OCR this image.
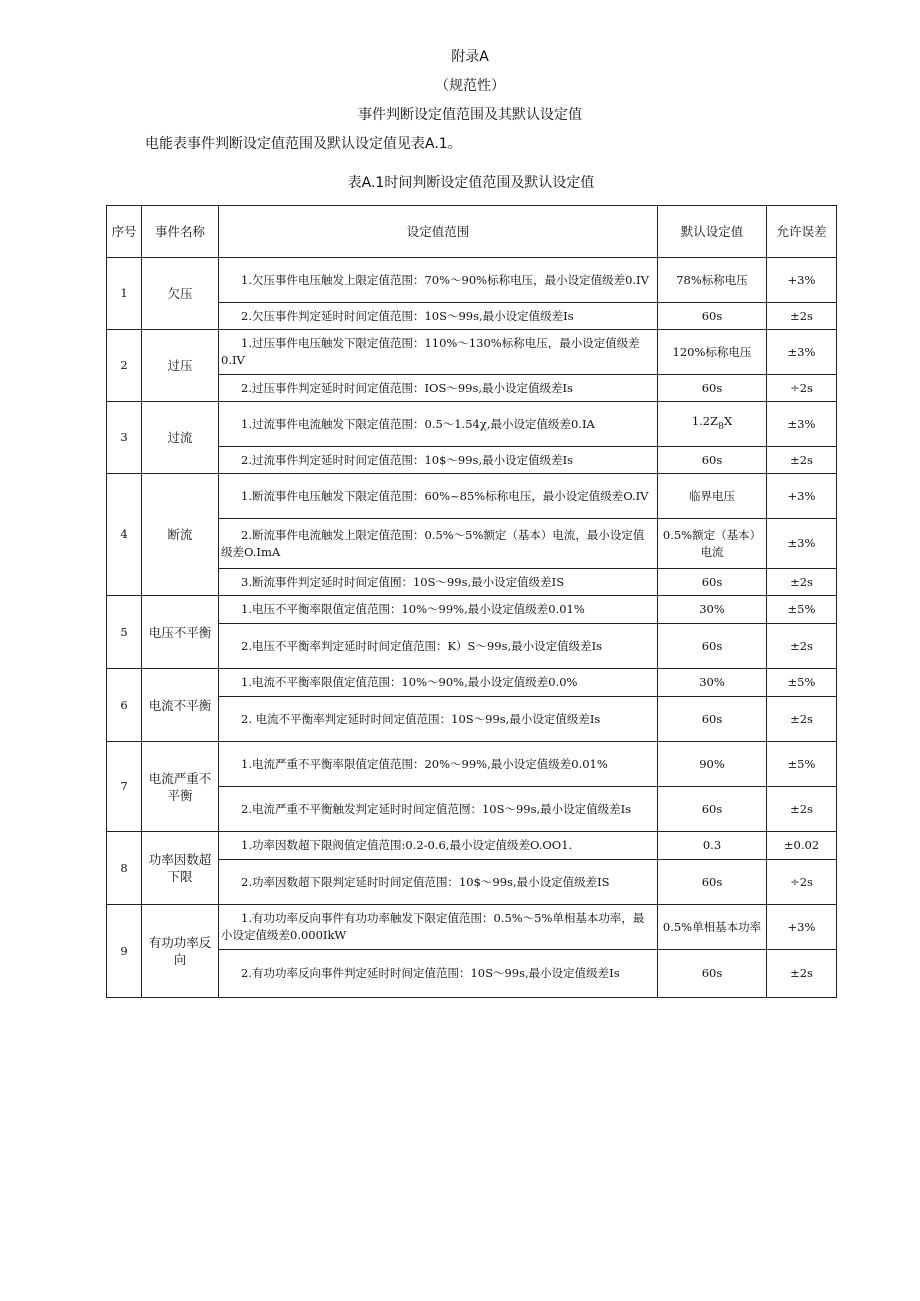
附录A
（规范性）
事件判断设定值范围及其默认设定值
电能表事件判断设定值范围及默认设定值见表A.1。
表A.1时间判断设定值范围及默认设定值
序号	事件名称	设定值范围	默认设定值	允许误差
1	欠压	1.欠压事件电压触发上限定值范围：70%～90%标称电压，最小设定值级差0.IV	78%标称电压	+3%
		2.欠压事件判定延时时间定值范围：10S～99s,最小设定值级差Is	60s	±2s
2	过压	1.过压事件电压触发下限定值范围：110%～130%标称电压，最小设定值级差0.IV	120%标称电压	±3%
		2.过压事件判定延时时间定值范围：IOS～99s,最小设定值级差Is	60s	÷2s
3	过流	1.过流事件电流触发下限定值范围：0.5～1.54χ,最小设定值级差0.IA	$1.2Z_BX$	±3%
		2.过流事件判定延时时间定值范围：10$～99s,最小设定值级差Is	60s	±2s
4	断流	1.断流事件电压触发下限定值范围：60%~85%标称电压，最小设定值级差O.IV	临界电压	+3%
		2.断流事件电流触发上限定值范围：0.5%～5%额定（基本）电流，最小设定值级差O.ImA	0.5%额定（基本）电流	±3%
		3.断流事件判定延时时间定值囿：10S～99s,最小设定值级差IS	60s	±2s
5	电压不平衡	1.电压不平衡率限值定值范围：10%～99%,最小设定值级差0.01%	30%	±5%
		2.电压不平衡率判定延时时间定值范围：K）S～99s,最小设定值级差Is	60s	±2s
6	电流不平衡	1.电流不平衡率限值定值范围：10%～90%,最小设定值级差0.0%	30%	±5%
		2. 电流不平衡率判定延时时间定值范围：10S～99s,最小设定值级差Is	60s	±2s
7	电流严重不平衡	1.电流严重不平衡率限值定值范围：20%～99%,最小设定值级差0.01%	90%	±5%
		2.电流严重不平衡触发判定延时时间定值范囫：10S～99s,最小设定值级差Is	60s	±2s
8	功率因数超下限	1.功率因数超下限阀值定值范围:0.2-0.6,最小设定值级差O.OO1.	0.3	±0.02
		2.功率因数超下限判定延时时间定值范围：10$～99s,最小设定值级差IS	60s	÷2s
9	有功功率反向	1.有功功率反向事件有功功率触发下限定值范围：0.5%～5%单相基本功率，最小设定值级差0.000IkW	0.5%单相基本功率	+3%
		2.有功功率反向事件判定延时时间定值范围：10S～99s,最小设定值级差Is	60s	±2s
